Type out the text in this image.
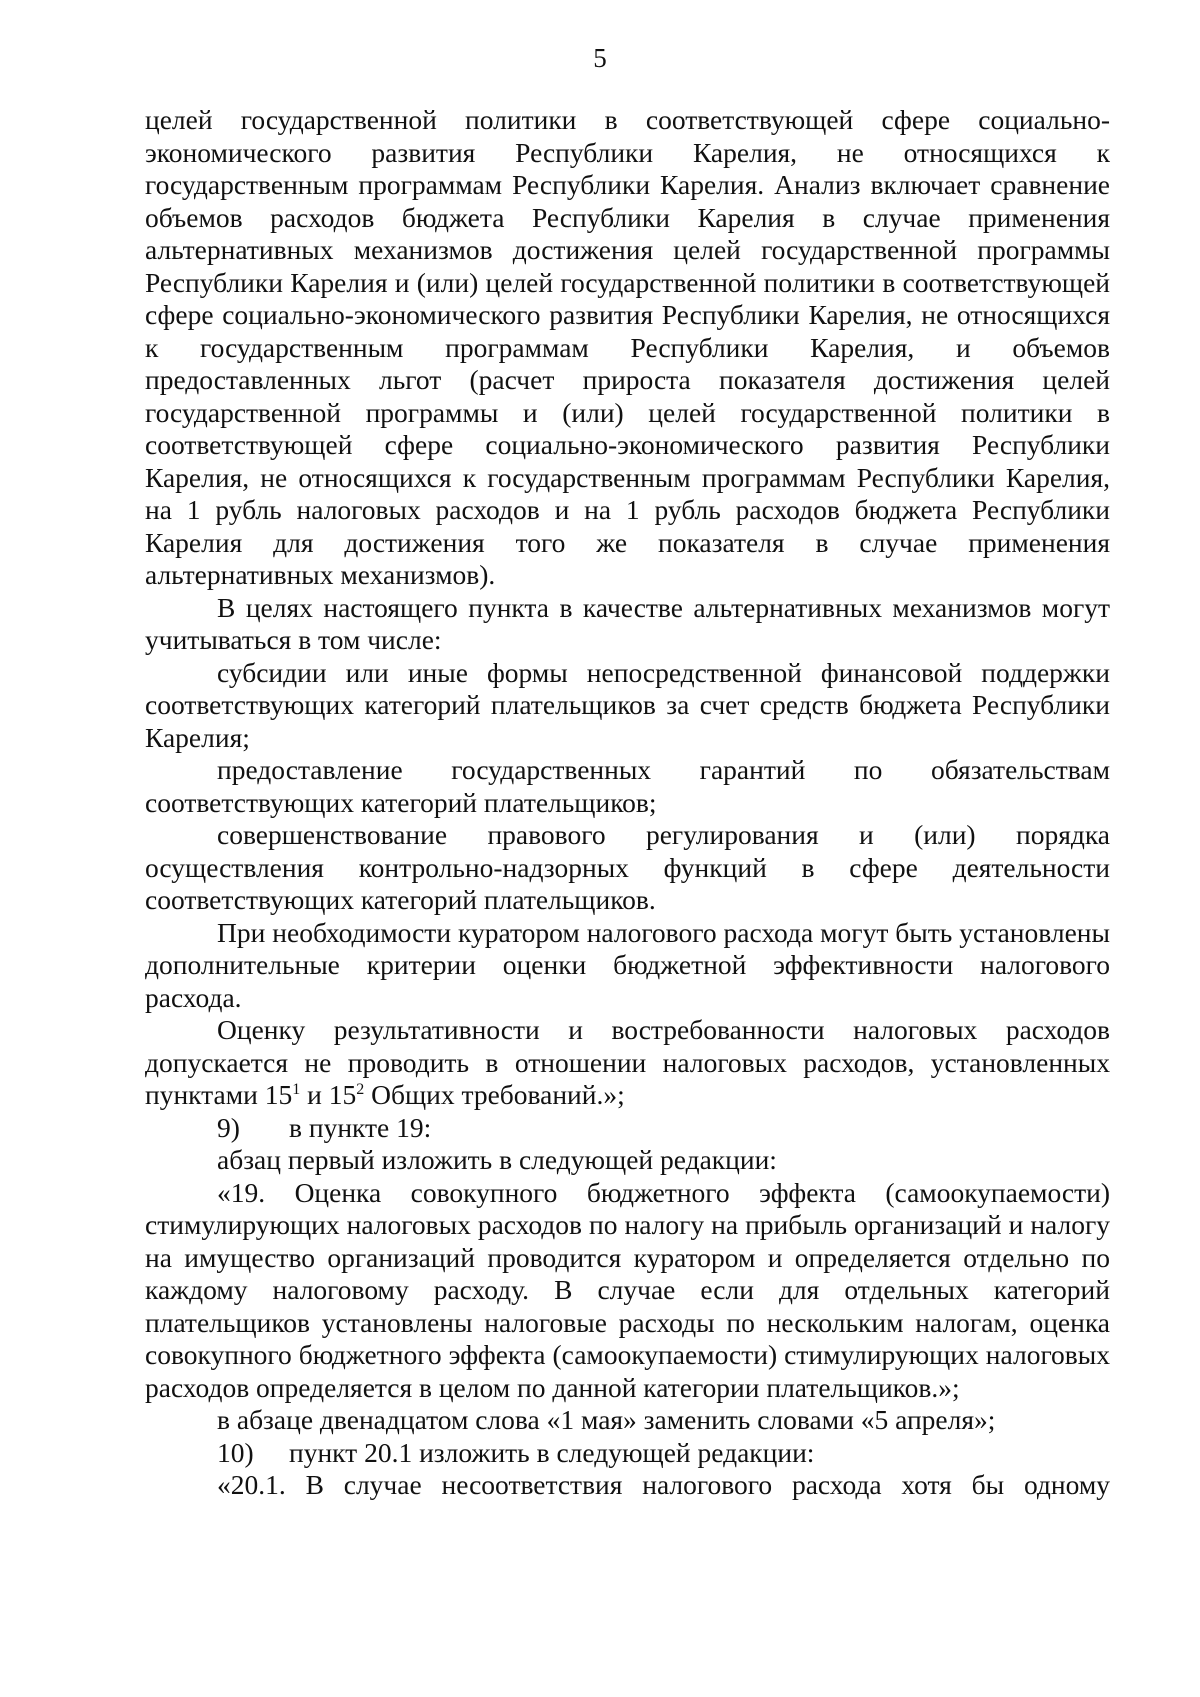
5

целей государственной политики в соответствующей сфере социально-экономического развития Республики Карелия, не относящихся к государственным программам Республики Карелия. Анализ включает сравнение объемов расходов бюджета Республики Карелия в случае применения альтернативных механизмов достижения целей государственной программы Республики Карелия и (или) целей государственной политики в соответствующей сфере социально-экономического развития Республики Карелия, не относящихся к государственным программам Республики Карелия, и объемов предоставленных льгот (расчет прироста показателя достижения целей государственной программы и (или) целей государственной политики в соответствующей сфере социально-экономического развития Республики Карелия, не относящихся к государственным программам Республики Карелия, на 1 рубль налоговых расходов и на 1 рубль расходов бюджета Республики Карелия для достижения того же показателя в случае применения альтернативных механизмов).

В целях настоящего пункта в качестве альтернативных механизмов могут учитываться в том числе:

субсидии или иные формы непосредственной финансовой поддержки соответствующих категорий плательщиков за счет средств бюджета Республики Карелия;

предоставление государственных гарантий по обязательствам соответствующих категорий плательщиков;

совершенствование правового регулирования и (или) порядка осуществления контрольно-надзорных функций в сфере деятельности соответствующих категорий плательщиков.

При необходимости куратором налогового расхода могут быть установлены дополнительные критерии оценки бюджетной эффективности налогового расхода.

Оценку результативности и востребованности налоговых расходов допускается не проводить в отношении налоговых расходов, установленных пунктами $15^1$ и $15^2$ Общих требований.»;

9) в пункте 19:

абзац первый изложить в следующей редакции:

«19. Оценка совокупного бюджетного эффекта (самоокупаемости) стимулирующих налоговых расходов по налогу на прибыль организаций и налогу на имущество организаций проводится куратором и определяется отдельно по каждому налоговому расходу. В случае если для отдельных категорий плательщиков установлены налоговые расходы по нескольким налогам, оценка совокупного бюджетного эффекта (самоокупаемости) стимулирующих налоговых расходов определяется в целом по данной категории плательщиков.»;

в абзаце двенадцатом слова «1 мая» заменить словами «5 апреля»;

10) пункт 20.1 изложить в следующей редакции:

«20.1. В случае несоответствия налогового расхода хотя бы одному
